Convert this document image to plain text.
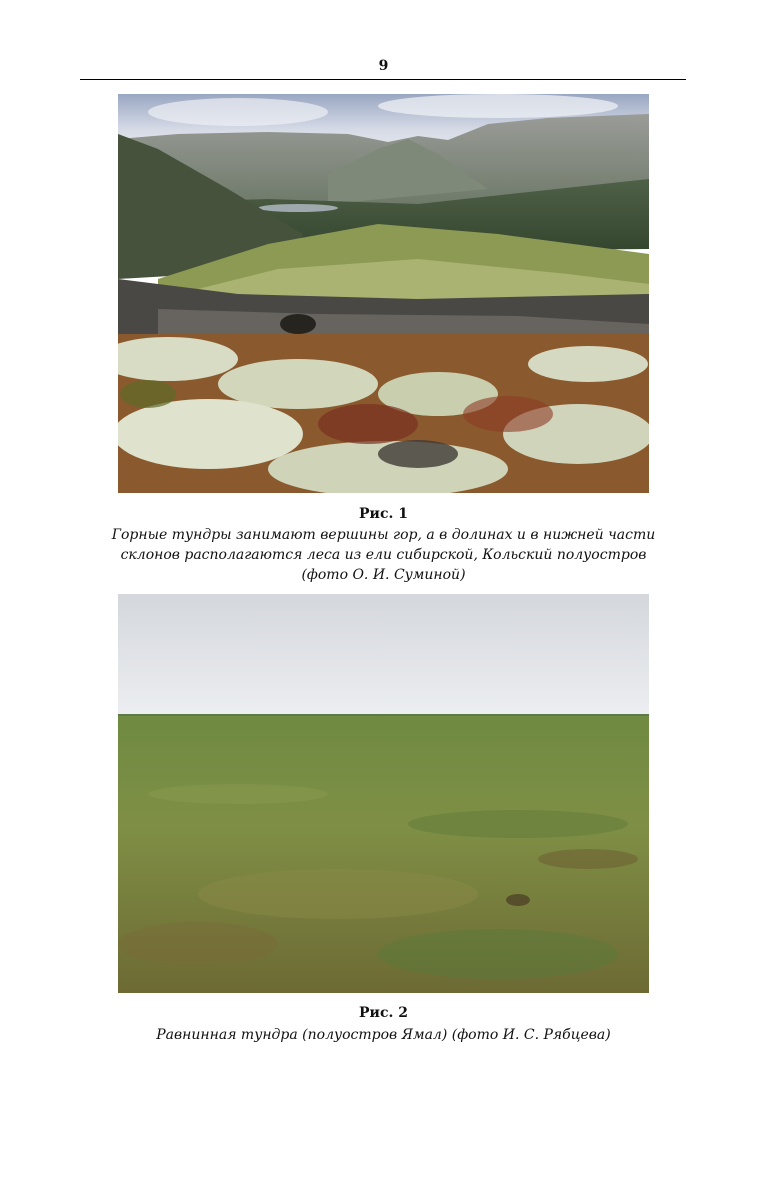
9
Рис. 1
Горные тундры занимают вершины гор, а в долинах и в нижней части
склонов располагаются леса из ели сибирской, Кольский полуостров
(фото О. И. Суминой)
Рис. 2
Равнинная тундра (полуостров Ямал) (фото И. С. Рябцева)
